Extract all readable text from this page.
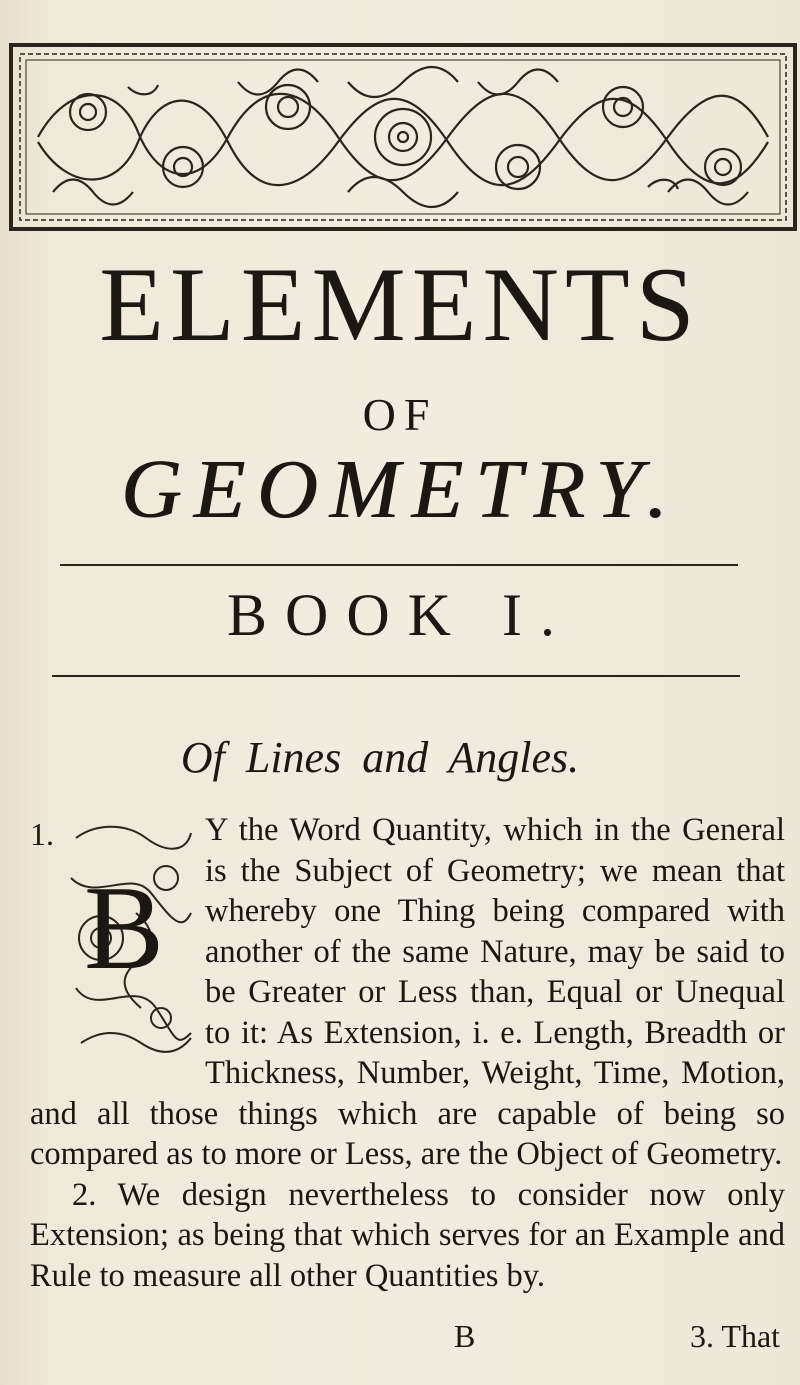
ELEMENTS
OF
GEOMETRY.
BOOK I.
Of Lines and Angles.

1.
B
Y the Word Quantity, which in the General is the Subject of Geometry; we mean that whereby one Thing being compared with another of the same Nature, may be said to be Greater or Less than, Equal or Unequal to it: As Extension, i. e. Length, Breadth or Thickness, Number, Weight, Time, Motion, and all those things which are capable of being so compared as to more or Less, are the Object of Geometry.

2. We design nevertheless to consider now only Extension; as being that which serves for an Example and Rule to measure all other Quantities by.

B	3. That
